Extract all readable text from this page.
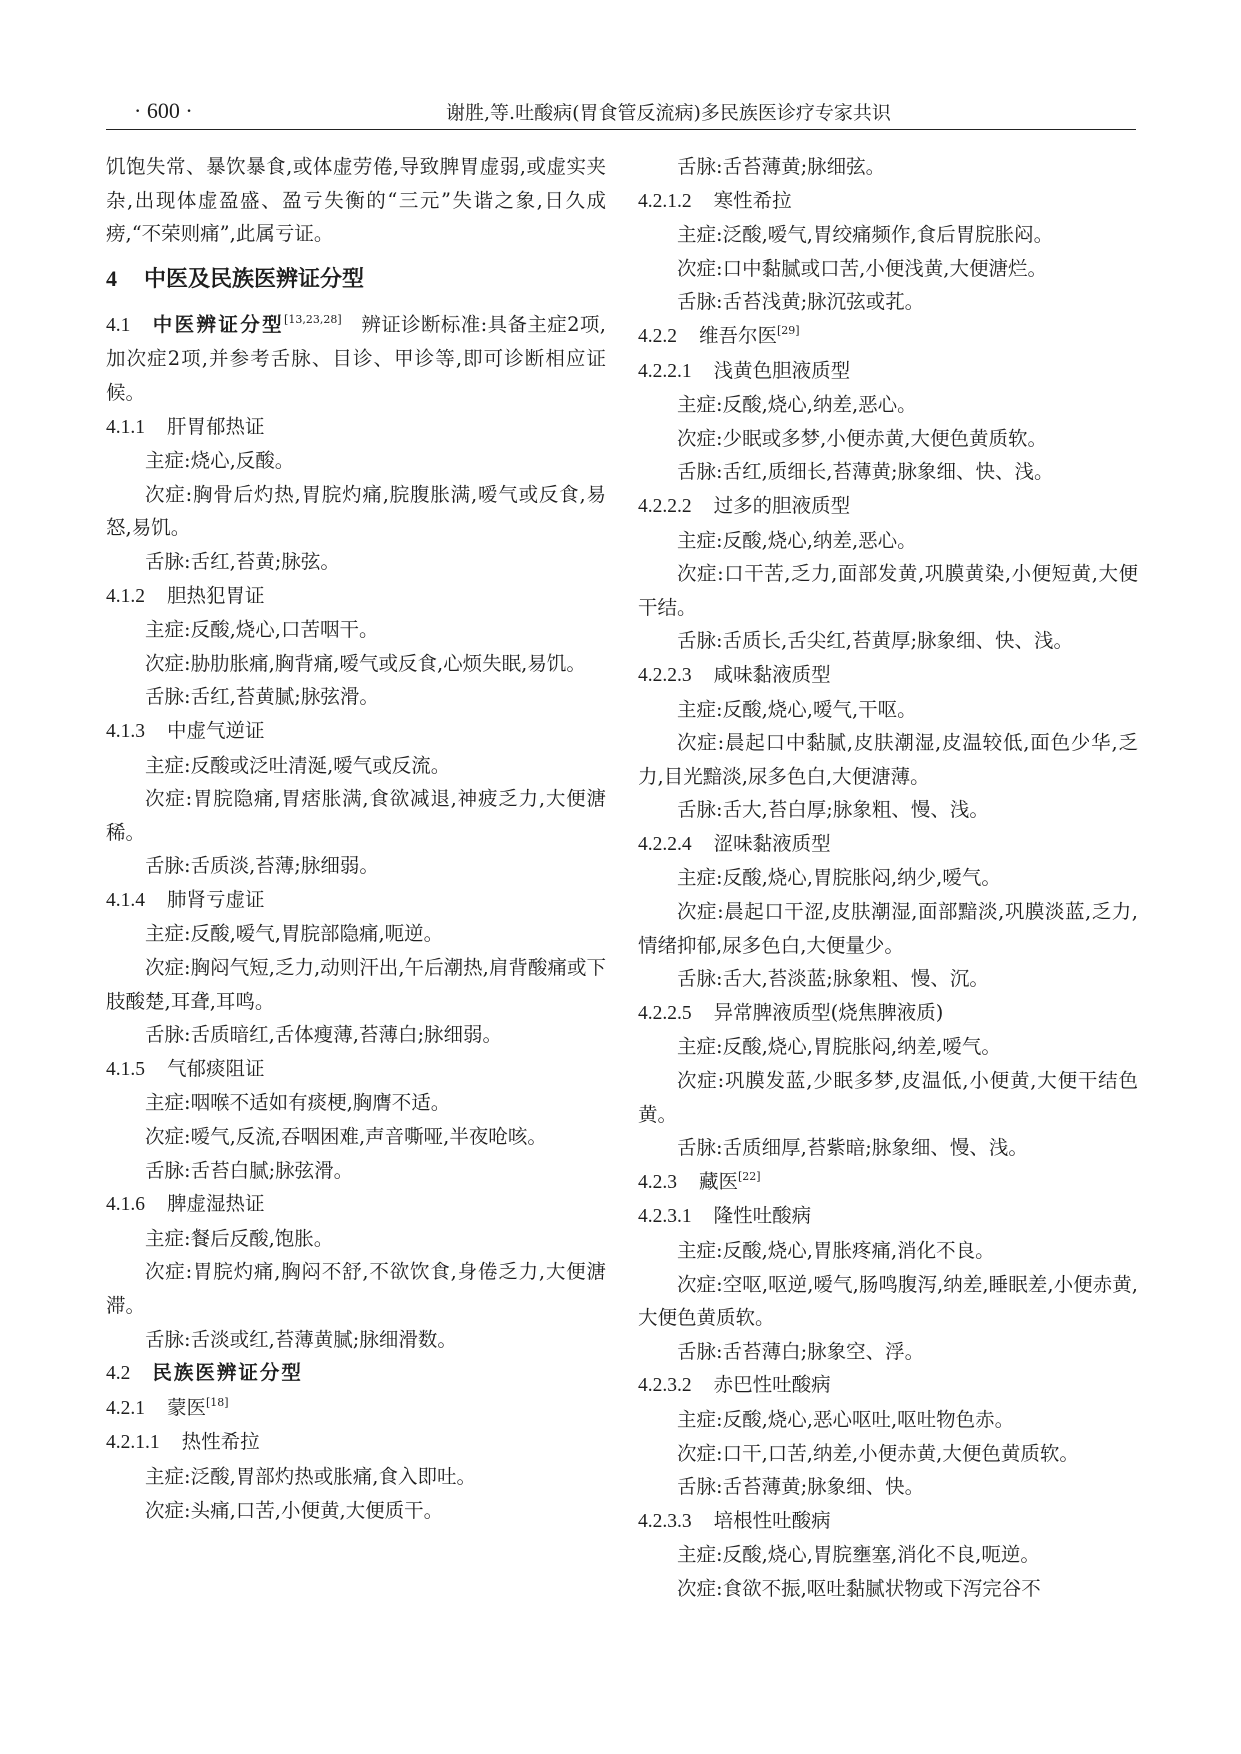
· 600 ·	谢胜,等.吐酸病(胃食管反流病)多民族医诊疗专家共识

饥饱失常、暴饮暴食,或体虚劳倦,导致脾胃虚弱,或虚实夹杂,出现体虚盈盛、盈亏失衡的“三元”失谐之象,日久成痨,“不荣则痛”,此属亏证。

4 中医及民族医辨证分型

4.1 中医辨证分型[13,23,28] 辨证诊断标准:具备主症2项,加次症2项,并参考舌脉、目诊、甲诊等,即可诊断相应证候。

4.1.1 肝胃郁热证

主症:烧心,反酸。

次症:胸骨后灼热,胃脘灼痛,脘腹胀满,嗳气或反食,易怒,易饥。

舌脉:舌红,苔黄;脉弦。

4.1.2 胆热犯胃证

主症:反酸,烧心,口苦咽干。

次症:胁肋胀痛,胸背痛,嗳气或反食,心烦失眠,易饥。

舌脉:舌红,苔黄腻;脉弦滑。

4.1.3 中虚气逆证

主症:反酸或泛吐清涎,嗳气或反流。

次症:胃脘隐痛,胃痞胀满,食欲减退,神疲乏力,大便溏稀。

舌脉:舌质淡,苔薄;脉细弱。

4.1.4 肺肾亏虚证

主症:反酸,嗳气,胃脘部隐痛,呃逆。

次症:胸闷气短,乏力,动则汗出,午后潮热,肩背酸痛或下肢酸楚,耳聋,耳鸣。

舌脉:舌质暗红,舌体瘦薄,苔薄白;脉细弱。

4.1.5 气郁痰阻证

主症:咽喉不适如有痰梗,胸膺不适。

次症:嗳气,反流,吞咽困难,声音嘶哑,半夜呛咳。

舌脉:舌苔白腻;脉弦滑。

4.1.6 脾虚湿热证

主症:餐后反酸,饱胀。

次症:胃脘灼痛,胸闷不舒,不欲饮食,身倦乏力,大便溏滞。

舌脉:舌淡或红,苔薄黄腻;脉细滑数。

4.2 民族医辨证分型

4.2.1 蒙医[18]

4.2.1.1 热性希拉

主症:泛酸,胃部灼热或胀痛,食入即吐。

次症:头痛,口苦,小便黄,大便质干。

舌脉:舌苔薄黄;脉细弦。

4.2.1.2 寒性希拉

主症:泛酸,嗳气,胃绞痛频作,食后胃脘胀闷。

次症:口中黏腻或口苦,小便浅黄,大便溏烂。

舌脉:舌苔浅黄;脉沉弦或芤。

4.2.2 维吾尔医[29]

4.2.2.1 浅黄色胆液质型

主症:反酸,烧心,纳差,恶心。

次症:少眠或多梦,小便赤黄,大便色黄质软。

舌脉:舌红,质细长,苔薄黄;脉象细、快、浅。

4.2.2.2 过多的胆液质型

主症:反酸,烧心,纳差,恶心。

次症:口干苦,乏力,面部发黄,巩膜黄染,小便短黄,大便干结。

舌脉:舌质长,舌尖红,苔黄厚;脉象细、快、浅。

4.2.2.3 咸味黏液质型

主症:反酸,烧心,嗳气,干呕。

次症:晨起口中黏腻,皮肤潮湿,皮温较低,面色少华,乏力,目光黯淡,尿多色白,大便溏薄。

舌脉:舌大,苔白厚;脉象粗、慢、浅。

4.2.2.4 涩味黏液质型

主症:反酸,烧心,胃脘胀闷,纳少,嗳气。

次症:晨起口干涩,皮肤潮湿,面部黯淡,巩膜淡蓝,乏力,情绪抑郁,尿多色白,大便量少。

舌脉:舌大,苔淡蓝;脉象粗、慢、沉。

4.2.2.5 异常脾液质型(烧焦脾液质)

主症:反酸,烧心,胃脘胀闷,纳差,嗳气。

次症:巩膜发蓝,少眠多梦,皮温低,小便黄,大便干结色黄。

舌脉:舌质细厚,苔紫暗;脉象细、慢、浅。

4.2.3 藏医[22]

4.2.3.1 隆性吐酸病

主症:反酸,烧心,胃胀疼痛,消化不良。

次症:空呕,呕逆,嗳气,肠鸣腹泻,纳差,睡眠差,小便赤黄,大便色黄质软。

舌脉:舌苔薄白;脉象空、浮。

4.2.3.2 赤巴性吐酸病

主症:反酸,烧心,恶心呕吐,呕吐物色赤。

次症:口干,口苦,纳差,小便赤黄,大便色黄质软。

舌脉:舌苔薄黄;脉象细、快。

4.2.3.3 培根性吐酸病

主症:反酸,烧心,胃脘壅塞,消化不良,呃逆。

次症:食欲不振,呕吐黏腻状物或下泻完谷不
